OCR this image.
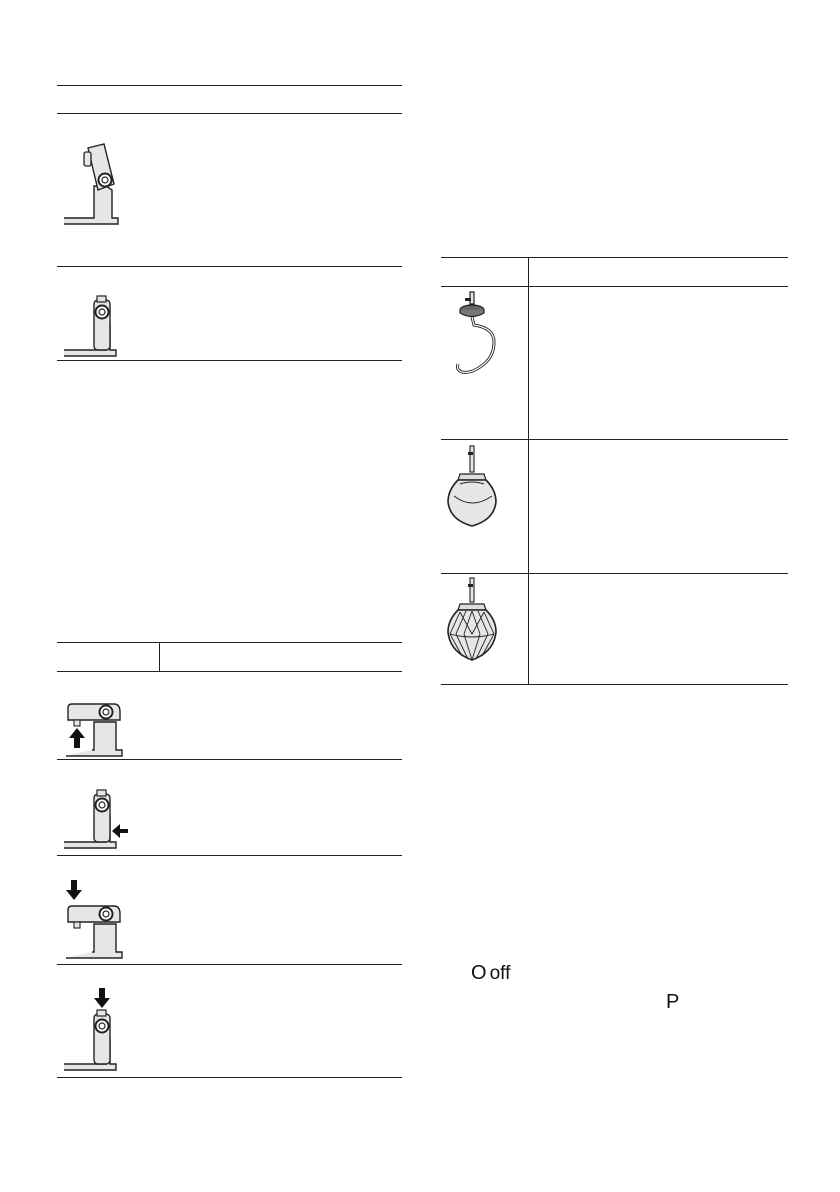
O off
P
